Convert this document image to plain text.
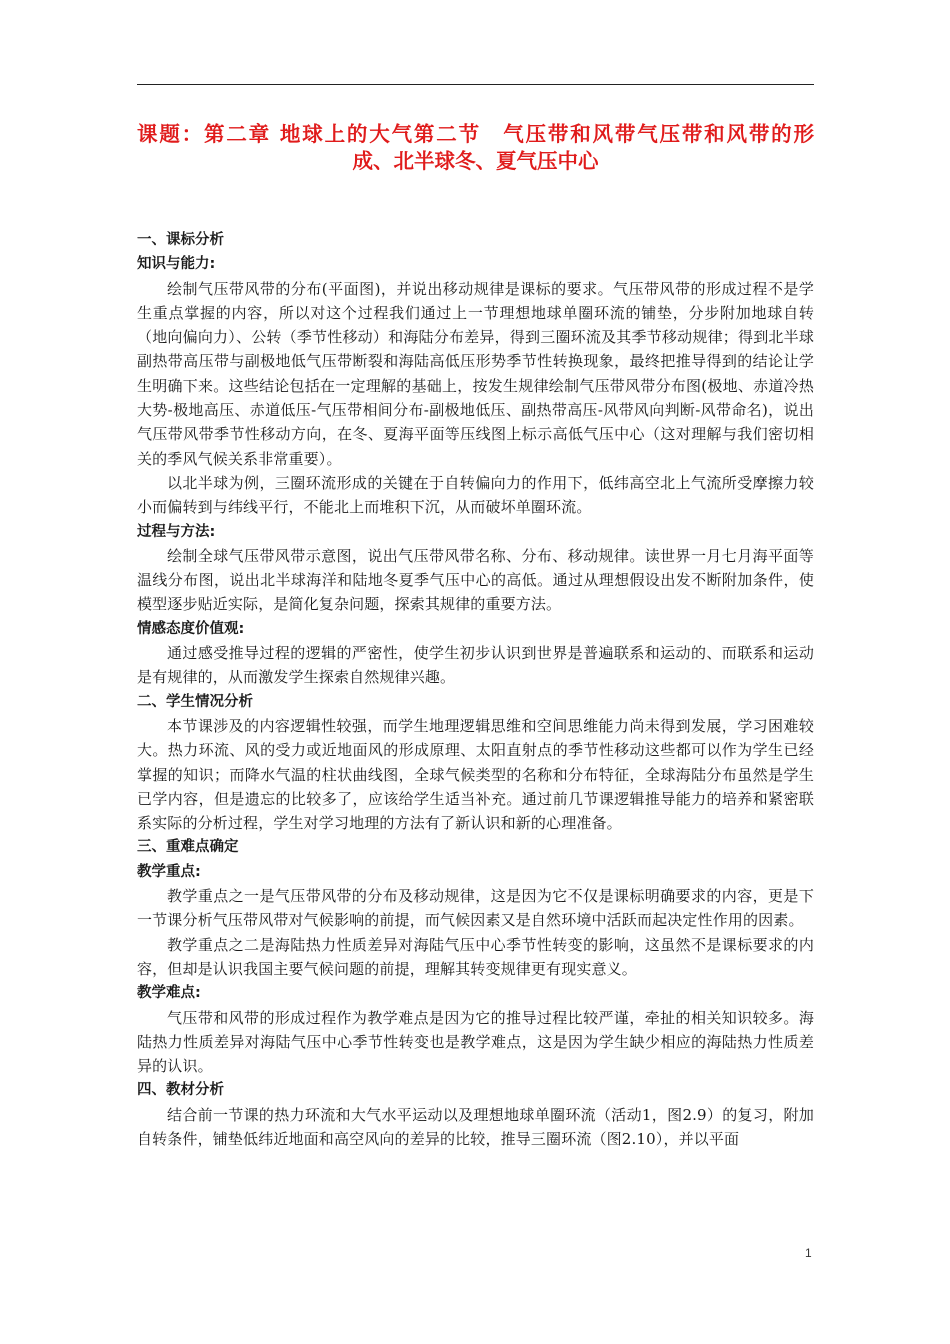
课题：第二章 地球上的大气第二节　气压带和风带气压带和风带的形
成、北半球冬、夏气压中心

一、课标分析

知识与能力:

绘制气压带风带的分布(平面图)，并说出移动规律是课标的要求。气压带风带的形成过程不是学生重点掌握的内容，所以对这个过程我们通过上一节理想地球单圈环流的铺垫，分步附加地球自转（地向偏向力）、公转（季节性移动）和海陆分布差异，得到三圈环流及其季节移动规律；得到北半球副热带高压带与副极地低气压带断裂和海陆高低压形势季节性转换现象，最终把推导得到的结论让学生明确下来。这些结论包括在一定理解的基础上，按发生规律绘制气压带风带分布图(极地、赤道冷热大势-极地高压、赤道低压-气压带相间分布-副极地低压、副热带高压-风带风向判断-风带命名)，说出气压带风带季节性移动方向，在冬、夏海平面等压线图上标示高低气压中心（这对理解与我们密切相关的季风气候关系非常重要）。

以北半球为例，三圈环流形成的关键在于自转偏向力的作用下，低纬高空北上气流所受摩擦力较小而偏转到与纬线平行，不能北上而堆积下沉，从而破坏单圈环流。

过程与方法:

绘制全球气压带风带示意图，说出气压带风带名称、分布、移动规律。读世界一月七月海平面等温线分布图，说出北半球海洋和陆地冬夏季气压中心的高低。通过从理想假设出发不断附加条件，使模型逐步贴近实际，是简化复杂问题，探索其规律的重要方法。

情感态度价值观:

通过感受推导过程的逻辑的严密性，使学生初步认识到世界是普遍联系和运动的、而联系和运动是有规律的，从而激发学生探索自然规律兴趣。

二、学生情况分析

本节课涉及的内容逻辑性较强，而学生地理逻辑思维和空间思维能力尚未得到发展，学习困难较大。热力环流、风的受力或近地面风的形成原理、太阳直射点的季节性移动这些都可以作为学生已经掌握的知识；而降水气温的柱状曲线图，全球气候类型的名称和分布特征，全球海陆分布虽然是学生已学内容，但是遗忘的比较多了，应该给学生适当补充。通过前几节课逻辑推导能力的培养和紧密联系实际的分析过程，学生对学习地理的方法有了新认识和新的心理准备。

三、重难点确定

教学重点:

教学重点之一是气压带风带的分布及移动规律，这是因为它不仅是课标明确要求的内容，更是下一节课分析气压带风带对气候影响的前提，而气候因素又是自然环境中活跃而起决定性作用的因素。

教学重点之二是海陆热力性质差异对海陆气压中心季节性转变的影响，这虽然不是课标要求的内容，但却是认识我国主要气候问题的前提，理解其转变规律更有现实意义。

教学难点:

气压带和风带的形成过程作为教学难点是因为它的推导过程比较严谨，牵扯的相关知识较多。海陆热力性质差异对海陆气压中心季节性转变也是教学难点，这是因为学生缺少相应的海陆热力性质差异的认识。

四、教材分析

结合前一节课的热力环流和大气水平运动以及理想地球单圈环流（活动1，图2.9）的复习，附加自转条件，铺垫低纬近地面和高空风向的差异的比较，推导三圈环流（图2.10），并以平面

1
